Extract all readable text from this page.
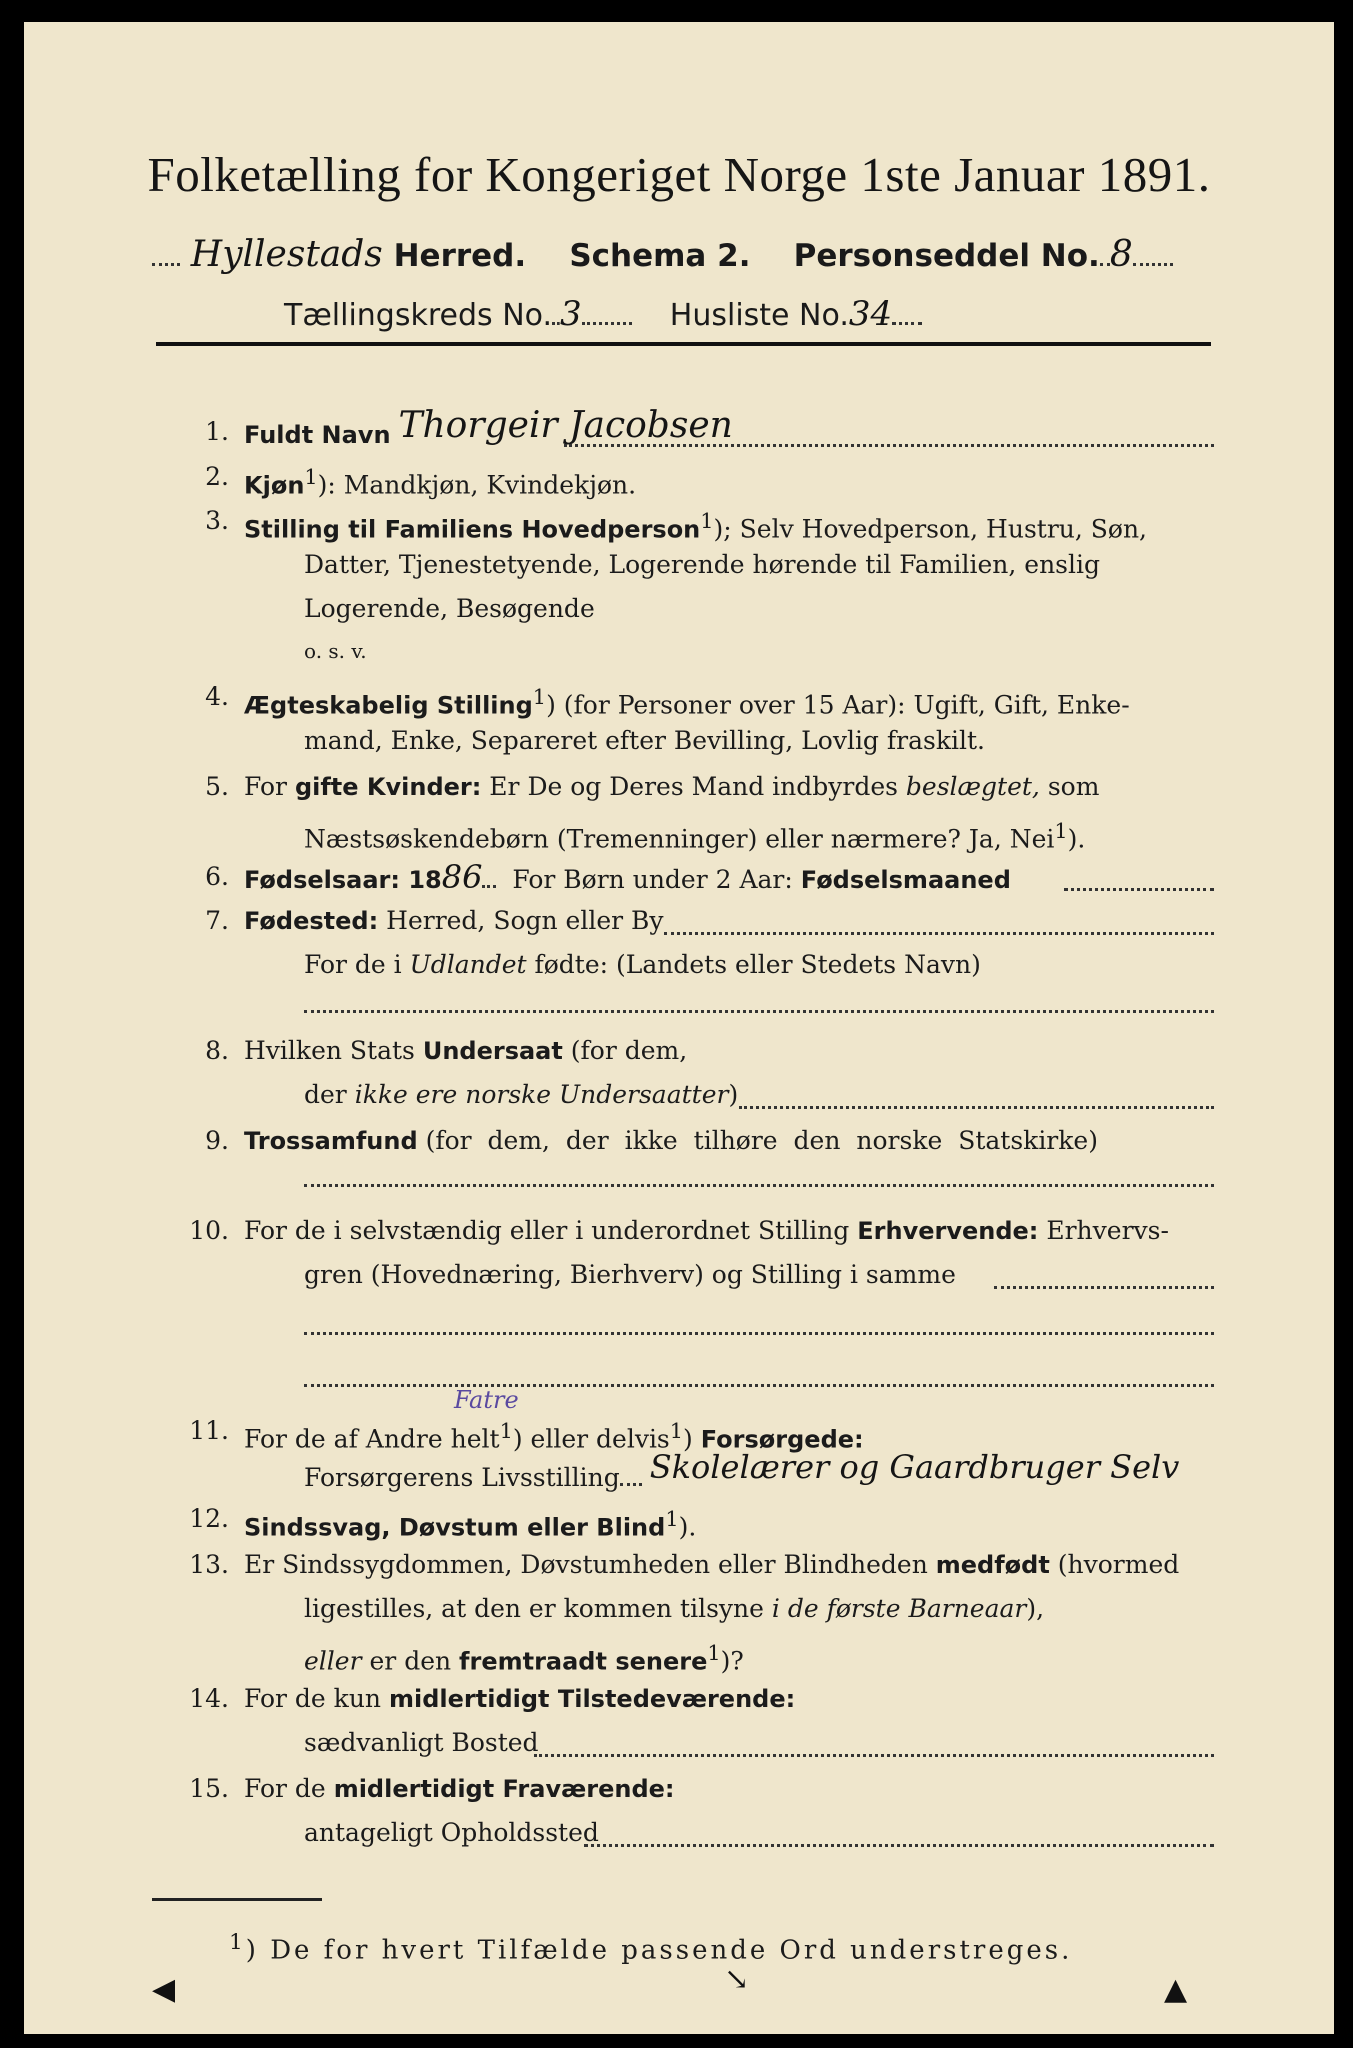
Folketælling for Kongeriget Norge 1ste Januar 1891.
Hyllestads Herred. Schema 2. Personseddel No. 8
Tællingskreds No. 3	Husliste No.34
1. Fuldt Navn Thorgeir Jacobsen
2. Kjøn$^1$): Mandkjøn, Kvindekjøn.
3. Stilling til Familiens Hovedperson$^1$); Selv Hovedperson, Hustru, Søn,
Datter, Tjenestetyende, Logerende hørende til Familien, enslig
Logerende, Besøgende
o. s. v.
4. Ægteskabelig Stilling$^1$) (for Personer over 15 Aar): Ugift, Gift, Enke-
mand, Enke, Separeret efter Bevilling, Lovlig fraskilt.
5. For gifte Kvinder: Er De og Deres Mand indbyrdes beslægtet, som
Næstsøskendebørn (Tremenninger) eller nærmere? Ja, Nei$^1$).
6. Fødselsaar: 1886 For Børn under 2 Aar: Fødselsmaaned
7. Fødested: Herred, Sogn eller By
For de i Udlandet fødte: (Landets eller Stedets Navn)
8. Hvilken Stats Undersaat (for dem,
der ikke ere norske Undersaatter)
9. Trossamfund (for dem, der ikke tilhøre den norske Statskirke)
10. For de i selvstændig eller i underordnet Stilling Erhvervende: Erhvervs-
gren (Hovednæring, Bierhverv) og Stilling i samme
11. For de af Andre helt$^1$) eller delvis$^1$) Forsørgede:
Fatre
Forsørgerens Livsstilling Skolelærer og Gaardbruger Selv
12. Sindssvag, Døvstum eller Blind$^1$).
13. Er Sindssygdommen, Døvstumheden eller Blindheden medfødt (hvormed
ligestilles, at den er kommen tilsyne i de første Barneaar),
eller er den fremtraadt senere$^1$)?
14. For de kun midlertidigt Tilstedeværende:
sædvanligt Bosted
15. For de midlertidigt Fraværende:
antageligt Opholdssted
$^1$) De for hvert Tilfælde passende Ord understreges.
◀	↘	▲
